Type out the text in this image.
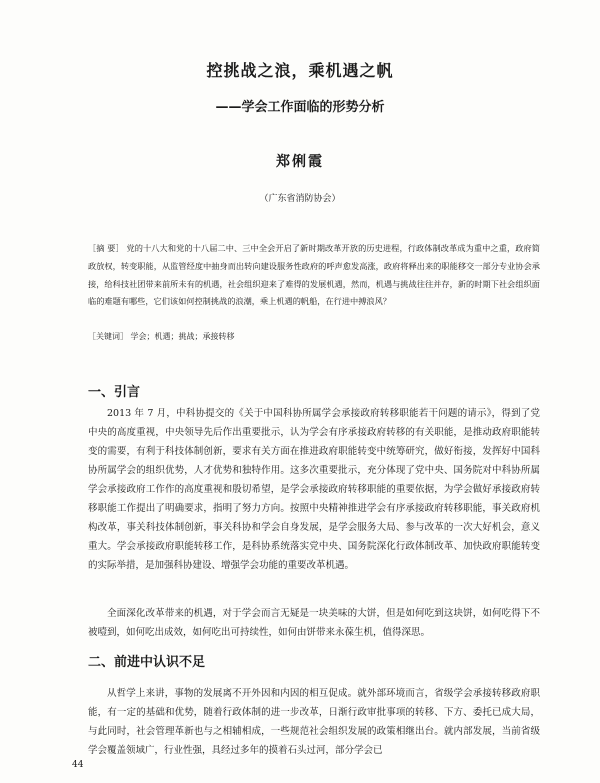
控挑战之浪，乘机遇之帆
——学会工作面临的形势分析
郑俐霞
（广东省消防协会）
［摘 要］ 党的十八大和党的十八届二中、三中全会开启了新时期改革开放的历史进程，行政体制改革成为重中之重，政府简政放权，转变职能，从监管经度中抽身而出转向建设服务性政府的呼声愈发高涨，政府将释出来的职能移交一部分专业协会承接，给科技社团带来前所未有的机遇，社会组织迎来了难得的发展机遇，然而，机遇与挑战往往并存，新的时期下社会组织面临的难题有哪些，它们该如何控制挑战的浪潮，乘上机遇的帆船，在行进中搏浪风？
［关键词］ 学会；机遇；挑战；承接转移
一、引言
2013 年 7 月，中科协提交的《关于中国科协所属学会承接政府转移职能若干问题的请示》，得到了党中央的高度重视，中央领导先后作出重要批示，认为学会有序承接政府转移的有关职能，是推动政府职能转变的需要，有利于科技体制创新，要求有关方面在推进政府职能转变中统筹研究，做好衔接，发挥好中国科协所属学会的组织优势，人才优势和独特作用。这多次重要批示，充分体现了党中央、国务院对中科协所属学会承接政府工作作的高度重视和殷切希望，是学会承接政府转移职能的重要依据，为学会做好承接政府转移职能工作提出了明确要求，指明了努力方向。按照中央精神推进学会有序承接政府转移职能，事关政府机构改革，事关科技体制创新，事关科协和学会自身发展，是学会服务大局、参与改革的一次大好机会，意义重大。学会承接政府职能转移工作，是科协系统落实党中央、国务院深化行政体制改革、加快政府职能转变的实际举措，是加强科协建设、增强学会功能的重要改革机遇。
全面深化改革带来的机遇，对于学会而言无疑是一块美味的大饼，但是如何吃到这块饼，如何吃得下不被噎到，如何吃出成效，如何吃出可持续性，如何由饼带来永葆生机，值得深思。
二、前进中认识不足
从哲学上来讲，事物的发展离不开外因和内因的相互促成。就外部环境而言，省级学会承接转移政府职能，有一定的基础和优势，随着行政体制的进一步改革，日渐行政审批事项的转移、下方、委托已成大局，与此同时，社会管理革新也与之相辅相成，一些规范社会组织发展的政策相继出台。就内部发展，当前省级学会覆盖领域广，行业性强，具经过多年的摸着石头过河，部分学会已
44
